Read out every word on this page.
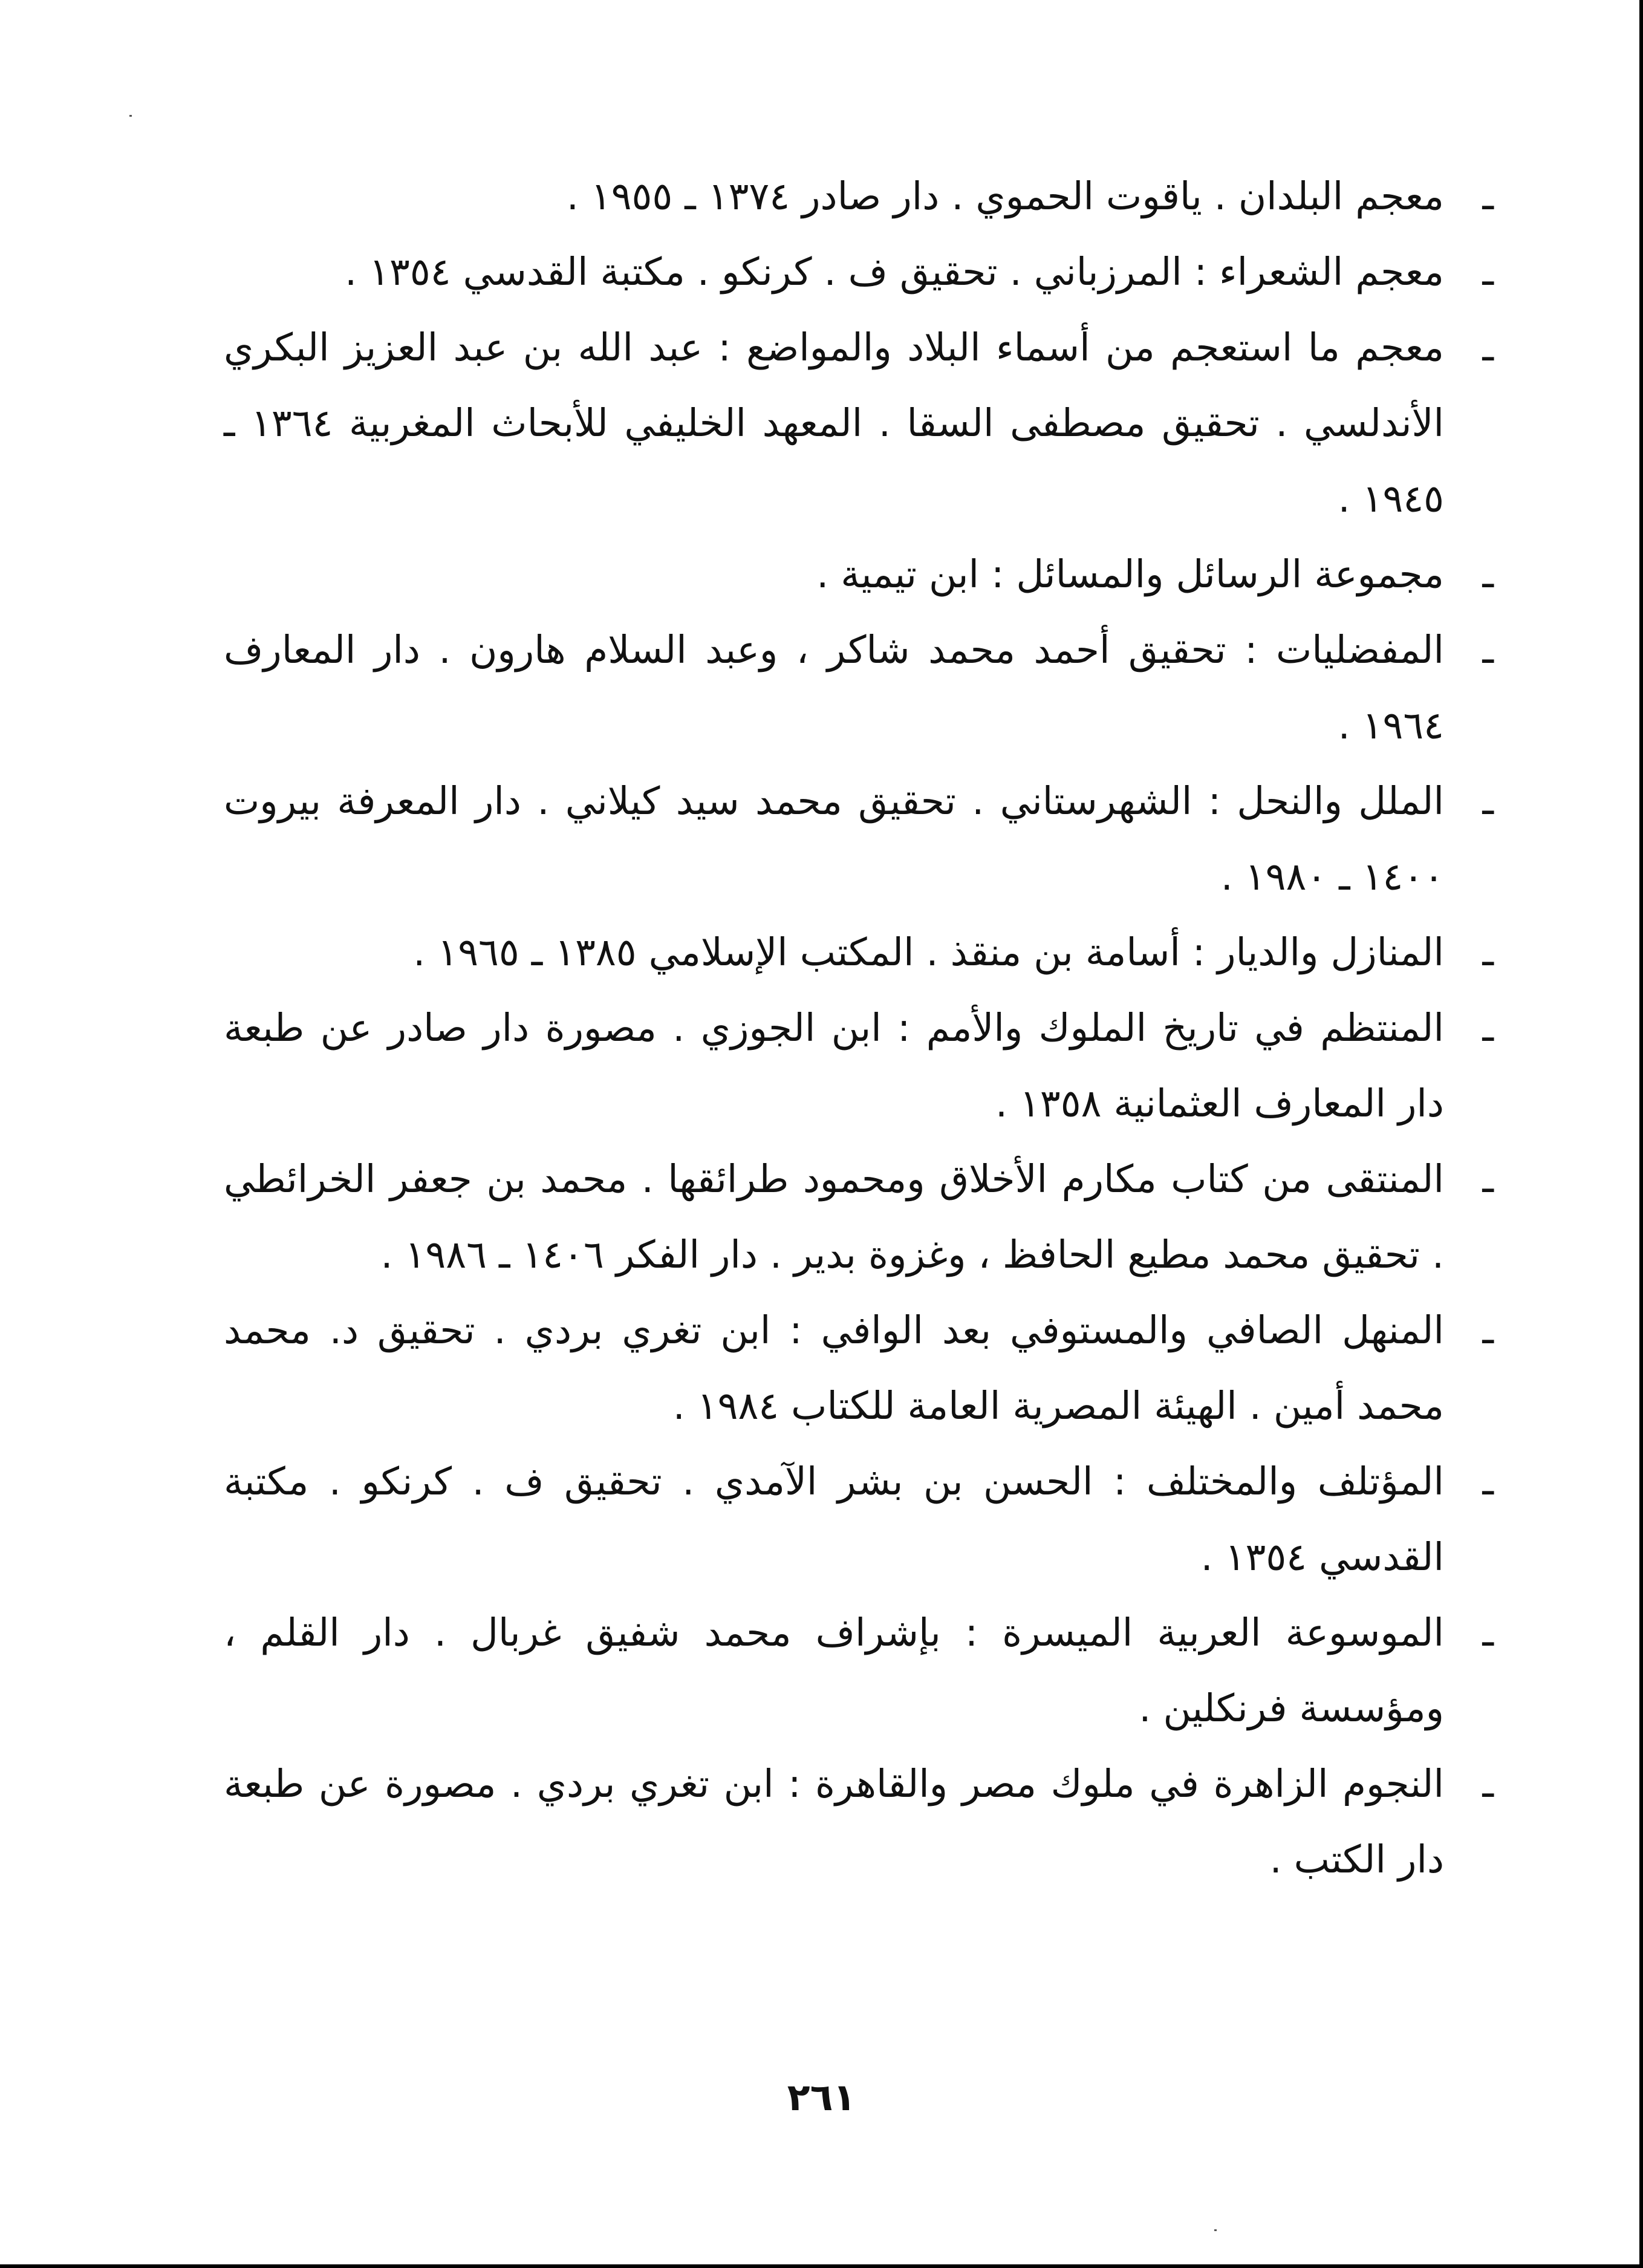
ـ
معجم البلدان . ياقوت الحموي . دار صادر ١٣٧٤ ـ ١٩٥٥ .
ـ
معجم الشعراء : المرزباني . تحقيق ف . كرنكو . مكتبة القدسي ١٣٥٤ .
ـ
معجم ما استعجم من أسماء البلاد والمواضع : عبد الله بن عبد العزيز البكري الأندلسي . تحقيق مصطفى السقا . المعهد الخليفي للأبحاث المغربية ١٣٦٤ ـ ١٩٤٥ .
ـ
مجموعة الرسائل والمسائل : ابن تيمية .
ـ
المفضليات : تحقيق أحمد محمد شاكر ، وعبد السلام هارون . دار المعارف ١٩٦٤ .
ـ
الملل والنحل : الشهرستاني . تحقيق محمد سيد كيلاني . دار المعرفة بيروت ١٤٠٠ ـ ١٩٨٠ .
ـ
المنازل والديار : أسامة بن منقذ . المكتب الإسلامي ١٣٨٥ ـ ١٩٦٥ .
ـ
المنتظم في تاريخ الملوك والأمم : ابن الجوزي . مصورة دار صادر عن طبعة دار المعارف العثمانية ١٣٥٨ .
ـ
المنتقى من كتاب مكارم الأخلاق ومحمود طرائقها . محمد بن جعفر الخرائطي . تحقيق محمد مطيع الحافظ ، وغزوة بدير . دار الفكر ١٤٠٦ ـ ١٩٨٦ .
ـ
المنهل الصافي والمستوفي بعد الوافي : ابن تغري بردي . تحقيق د. محمد محمد أمين . الهيئة المصرية العامة للكتاب ١٩٨٤ .
ـ
المؤتلف والمختلف : الحسن بن بشر الآمدي . تحقيق ف . كرنكو . مكتبة القدسي ١٣٥٤ .
ـ
الموسوعة العربية الميسرة : بإشراف محمد شفيق غربال . دار القلم ، ومؤسسة فرنكلين .
ـ
النجوم الزاهرة في ملوك مصر والقاهرة : ابن تغري بردي . مصورة عن طبعة دار الكتب .
٢٦١
